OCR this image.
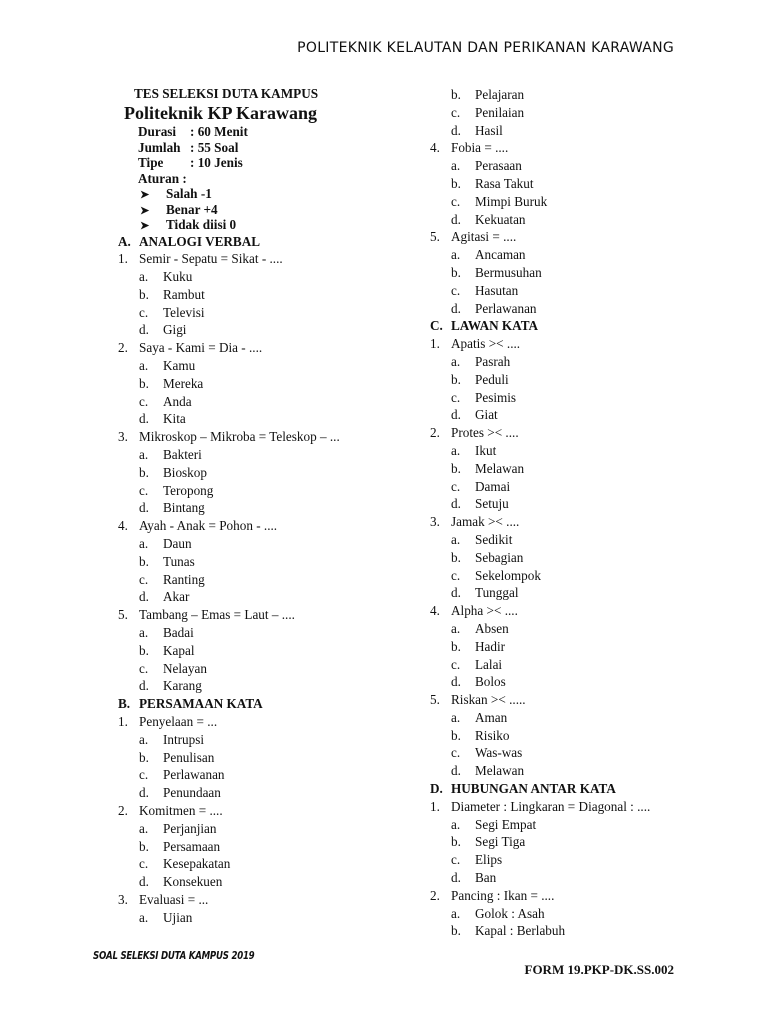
POLITEKNIK KELAUTAN DAN PERIKANAN KARAWANG
TES SELEKSI DUTA KAMPUS
Politeknik KP Karawang
Durasi : 60 Menit
Jumlah : 55 Soal
Tipe : 10 Jenis
Aturan :
➤ Salah -1
➤ Benar +4
➤ Tidak diisi 0
A. ANALOGI VERBAL
1. Semir - Sepatu = Sikat - ....
a. Kuku
b. Rambut
c. Televisi
d. Gigi
2. Saya - Kami = Dia - ....
a. Kamu
b. Mereka
c. Anda
d. Kita
3. Mikroskop – Mikroba = Teleskop – ...
a. Bakteri
b. Bioskop
c. Teropong
d. Bintang
4. Ayah - Anak = Pohon - ....
a. Daun
b. Tunas
c. Ranting
d. Akar
5. Tambang – Emas = Laut – ....
a. Badai
b. Kapal
c. Nelayan
d. Karang
B. PERSAMAAN KATA
1. Penyelaan = ...
a. Intrupsi
b. Penulisan
c. Perlawanan
d. Penundaan
2. Komitmen = ....
a. Perjanjian
b. Persamaan
c. Kesepakatan
d. Konsekuen
3. Evaluasi = ...
a. Ujian
b. Pelajaran
c. Penilaian
d. Hasil
4. Fobia = ....
a. Perasaan
b. Rasa Takut
c. Mimpi Buruk
d. Kekuatan
5. Agitasi = ....
a. Ancaman
b. Bermusuhan
c. Hasutan
d. Perlawanan
C. LAWAN KATA
1. Apatis >< ....
a. Pasrah
b. Peduli
c. Pesimis
d. Giat
2. Protes >< ....
a. Ikut
b. Melawan
c. Damai
d. Setuju
3. Jamak >< ....
a. Sedikit
b. Sebagian
c. Sekelompok
d. Tunggal
4. Alpha >< ....
a. Absen
b. Hadir
c. Lalai
d. Bolos
5. Riskan >< .....
a. Aman
b. Risiko
c. Was-was
d. Melawan
D. HUBUNGAN ANTAR KATA
1. Diameter : Lingkaran = Diagonal : ....
a. Segi Empat
b. Segi Tiga
c. Elips
d. Ban
2. Pancing : Ikan = ....
a. Golok : Asah
b. Kapal : Berlabuh
SOAL SELEKSI DUTA KAMPUS 2019
FORM 19.PKP-DK.SS.002
